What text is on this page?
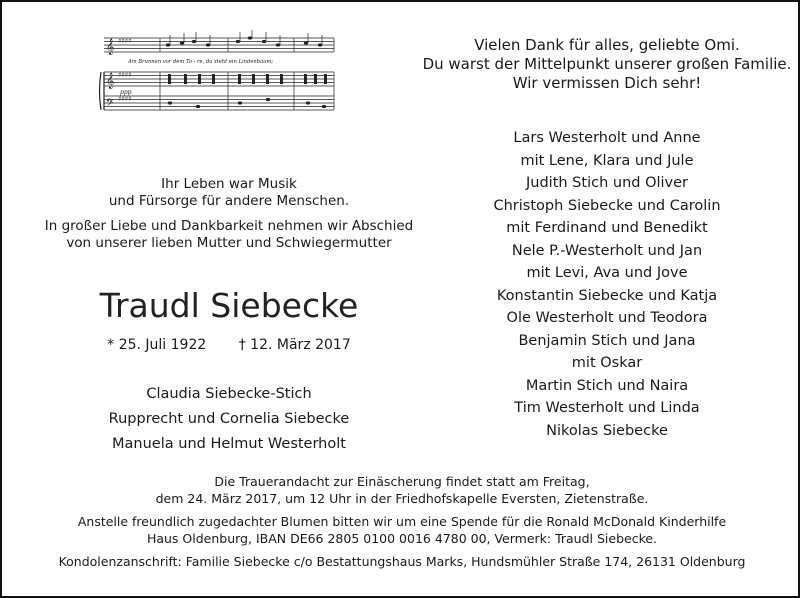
𝄞
𝄞
𝄢
♯♯♯♯
♯♯♯♯
♯♯♯♯
Am Brunnen vor dem To - re, da steht ein Lindenbaum;
ppp
Vielen Dank für alles, geliebte Omi.
Du warst der Mittelpunkt unserer großen Familie.
Wir vermissen Dich sehr!
Ihr Leben war Musik
und Fürsorge für andere Menschen.
In großer Liebe und Dankbarkeit nehmen wir Abschied
von unserer lieben Mutter und Schwiegermutter
Traudl Siebecke
* 25. Juli 1922 † 12. März 2017
Claudia Siebecke-Stich
Rupprecht und Cornelia Siebecke
Manuela und Helmut Westerholt
Lars Westerholt und Anne
mit Lene, Klara und Jule
Judith Stich und Oliver
Christoph Siebecke und Carolin
mit Ferdinand und Benedikt
Nele P.-Westerholt und Jan
mit Levi, Ava und Jove
Konstantin Siebecke und Katja
Ole Westerholt und Teodora
Benjamin Stich und Jana
mit Oskar
Martin Stich und Naira
Tim Westerholt und Linda
Nikolas Siebecke
Die Trauerandacht zur Einäscherung findet statt am Freitag,
dem 24. März 2017, um 12 Uhr in der Friedhofskapelle Eversten, Zietenstraße.
Anstelle freundlich zugedachter Blumen bitten wir um eine Spende für die Ronald McDonald Kinderhilfe
Haus Oldenburg, IBAN DE66 2805 0100 0016 4780 00, Vermerk: Traudl Siebecke.
Kondolenzanschrift: Familie Siebecke c/o Bestattungshaus Marks, Hundsmühler Straße 174, 26131 Oldenburg
